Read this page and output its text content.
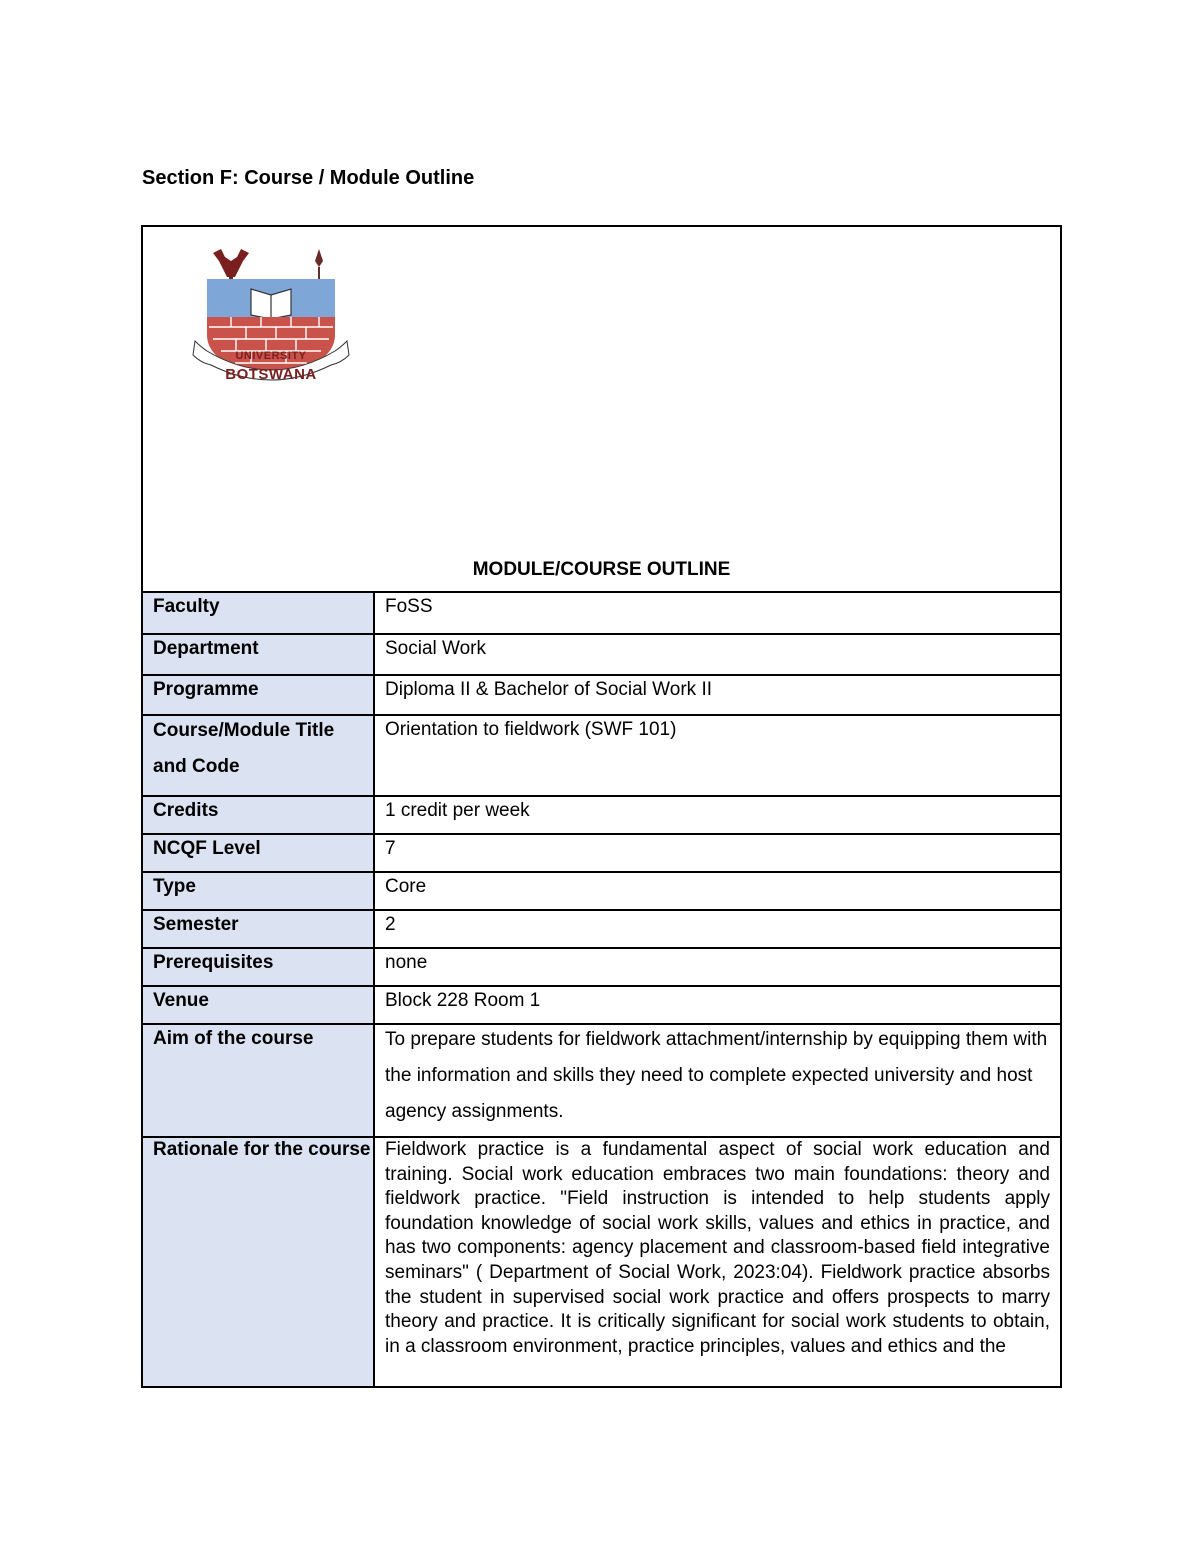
Section F: Course / Module Outline
UNIVERSITY
BOTSWANA
MODULE/COURSE OUTLINE	

Faculty	FoSS
Department	Social Work
Programme	Diploma II & Bachelor of Social Work II

Course/Module Title and Code	Orientation to fieldwork (SWF 101)
Credits	1 credit per week
NCQF Level	7
Type	Core
Semester	2
Prerequisites	none
Venue	Block 228 Room 1
Aim of the course	To prepare students for fieldwork attachment/internship by equipping them with the information and skills they need to complete expected university and host agency assignments.

Rationale for the course	Fieldwork practice is a fundamental aspect of social work education and training. Social work education embraces two main foundations: theory and fieldwork practice. "Field instruction is intended to help students apply foundation knowledge of social work skills, values and ethics in practice, and has two components: agency placement and classroom-based field integrative seminars" ( Department of Social Work, 2023:04). Fieldwork practice absorbs the student in supervised social work practice and offers prospects to marry theory and practice. It is critically significant for social work students to obtain, in a classroom environment, practice principles, values and ethics and the
